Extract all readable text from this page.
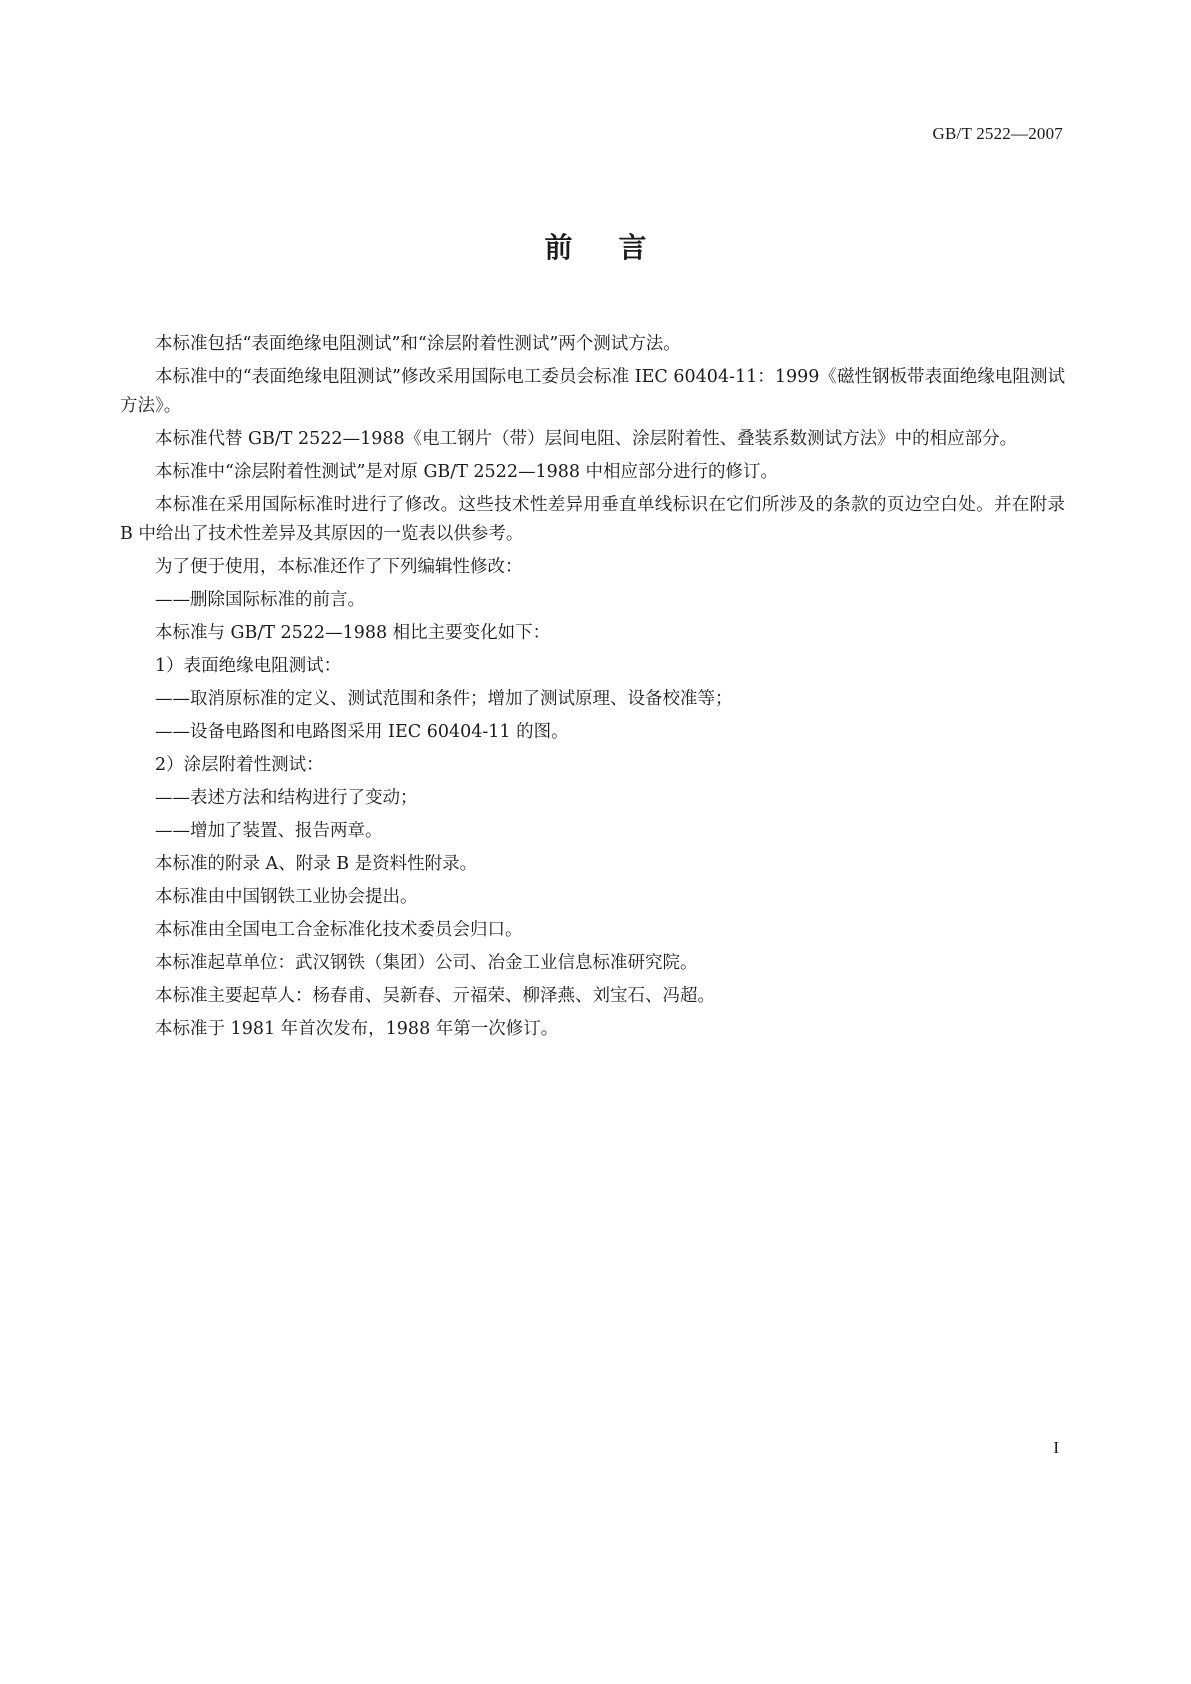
GB/T 2522—2007
前言

本标准包括“表面绝缘电阻测试”和“涂层附着性测试”两个测试方法。

本标准中的“表面绝缘电阻测试”修改采用国际电工委员会标准 IEC 60404-11：1999《磁性钢板带表面绝缘电阻测试方法》。

本标准代替 GB/T 2522—1988《电工钢片（带）层间电阻、涂层附着性、叠装系数测试方法》中的相应部分。

本标准中“涂层附着性测试”是对原 GB/T 2522—1988 中相应部分进行的修订。

本标准在采用国际标准时进行了修改。这些技术性差异用垂直单线标识在它们所涉及的条款的页边空白处。并在附录 B 中给出了技术性差异及其原因的一览表以供参考。

为了便于使用，本标准还作了下列编辑性修改：

——删除国际标准的前言。

本标准与 GB/T 2522—1988 相比主要变化如下：

1）表面绝缘电阻测试：

——取消原标准的定义、测试范围和条件；增加了测试原理、设备校准等；

——设备电路图和电路图采用 IEC 60404-11 的图。

2）涂层附着性测试：

——表述方法和结构进行了变动；

——增加了装置、报告两章。

本标准的附录 A、附录 B 是资料性附录。

本标准由中国钢铁工业协会提出。

本标准由全国电工合金标准化技术委员会归口。

本标准起草单位：武汉钢铁（集团）公司、冶金工业信息标准研究院。

本标准主要起草人：杨春甫、吴新春、亓福荣、柳泽燕、刘宝石、冯超。

本标准于 1981 年首次发布，1988 年第一次修订。

I
